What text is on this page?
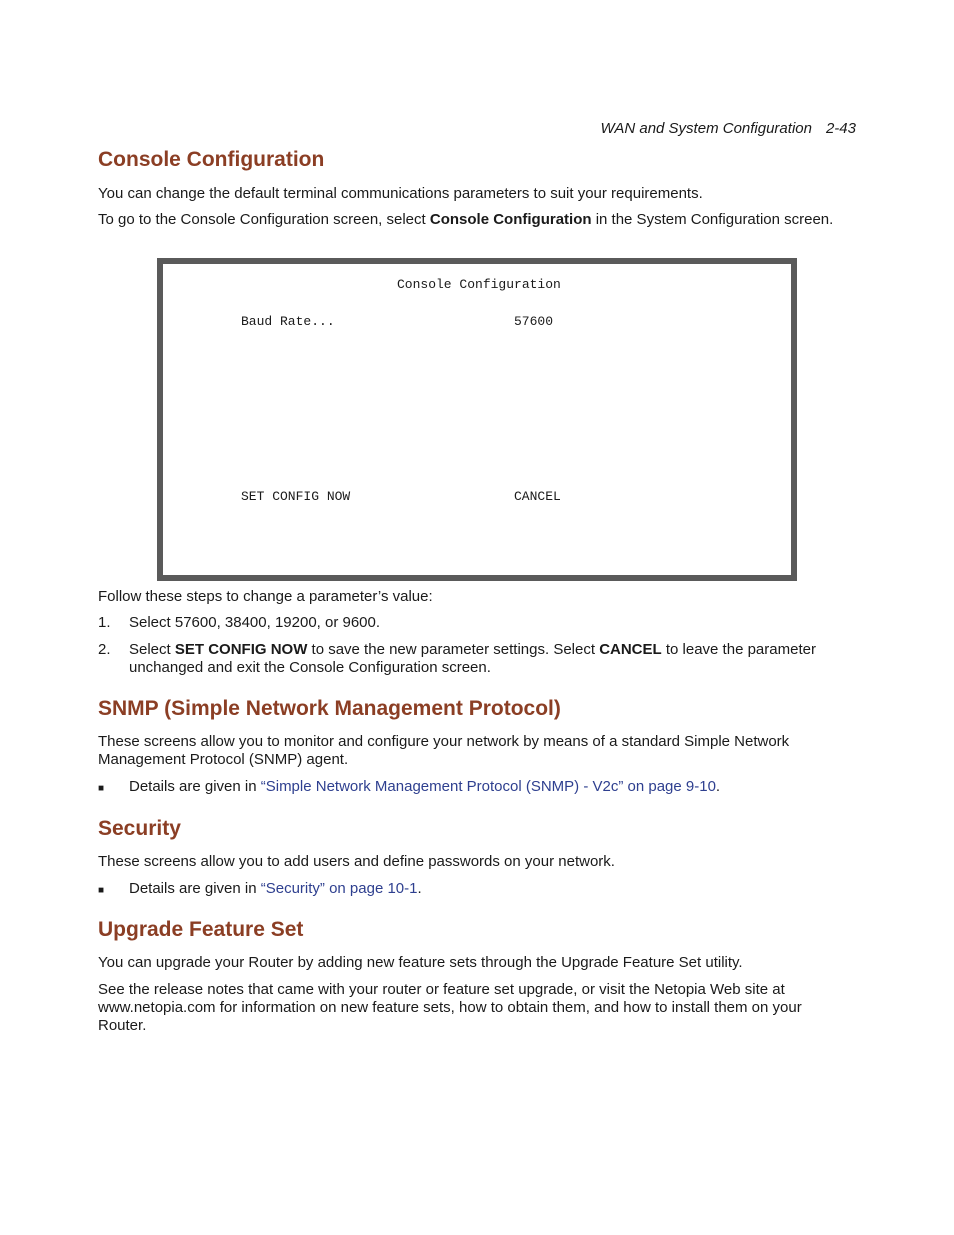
WAN and System Configuration 2-43
Console Configuration

You can change the default terminal communications parameters to suit your requirements.

To go to the Console Configuration screen, select Console Configuration in the System Configuration screen.

Console Configuration
Baud Rate...	57600
SET CONFIG NOW	CANCEL

Follow these steps to change a parameter’s value:

1. Select 57600, 38400, 19200, or 9600.

2. Select SET CONFIG NOW to save the new parameter settings. Select CANCEL to leave the parameter unchanged and exit the Console Configuration screen.

SNMP (Simple Network Management Protocol)

These screens allow you to monitor and configure your network by means of a standard Simple Network Management Protocol (SNMP) agent.

■ Details are given in “Simple Network Management Protocol (SNMP) - V2c” on page 9-10.

Security

These screens allow you to add users and define passwords on your network.

■ Details are given in “Security” on page 10-1.

Upgrade Feature Set

You can upgrade your Router by adding new feature sets through the Upgrade Feature Set utility.

See the release notes that came with your router or feature set upgrade, or visit the Netopia Web site at www.netopia.com for information on new feature sets, how to obtain them, and how to install them on your Router.
